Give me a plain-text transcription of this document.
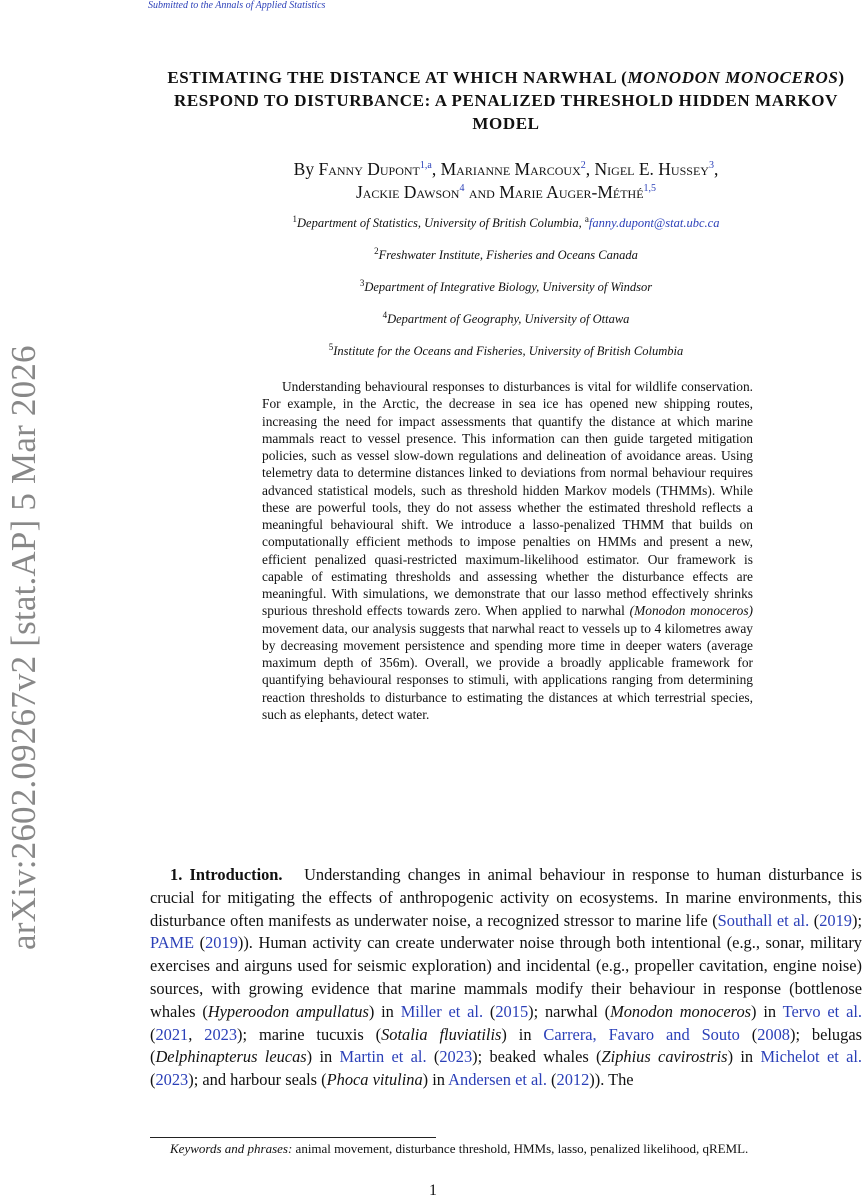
Submitted to the Annals of Applied Statistics
arXiv:2602.09267v2 [stat.AP] 5 Mar 2026
ESTIMATING THE DISTANCE AT WHICH NARWHAL (MONODON MONOCEROS) RESPOND TO DISTURBANCE: A PENALIZED THRESHOLD HIDDEN MARKOV MODEL
By Fanny Dupont$^{1,a}$, Marianne Marcoux$^2$, Nigel E. Hussey$^3$,
Jackie Dawson$^4$ and Marie Auger-Méthé$^{1,5}$
$^1$Department of Statistics, University of British Columbia, $^a$fanny.dupont@stat.ubc.ca
$^2$Freshwater Institute, Fisheries and Oceans Canada
$^3$Department of Integrative Biology, University of Windsor
$^4$Department of Geography, University of Ottawa
$^5$Institute for the Oceans and Fisheries, University of British Columbia

Understanding behavioural responses to disturbances is vital for wildlife conservation. For example, in the Arctic, the decrease in sea ice has opened new shipping routes, increasing the need for impact assessments that quantify the distance at which marine mammals react to vessel presence. This information can then guide targeted mitigation policies, such as vessel slow-down regulations and delineation of avoidance areas. Using telemetry data to determine distances linked to deviations from normal behaviour requires advanced statistical models, such as threshold hidden Markov models (THMMs). While these are powerful tools, they do not assess whether the estimated threshold reflects a meaningful behavioural shift. We introduce a lasso-penalized THMM that builds on computationally efficient methods to impose penalties on HMMs and present a new, efficient penalized quasi-restricted maximum-likelihood estimator. Our framework is capable of estimating thresholds and assessing whether the disturbance effects are meaningful. With simulations, we demonstrate that our lasso method effectively shrinks spurious threshold effects towards zero. When applied to narwhal (Monodon monoceros) movement data, our analysis suggests that narwhal react to vessels up to 4 kilometres away by decreasing movement persistence and spending more time in deeper waters (average maximum depth of 356m). Overall, we provide a broadly applicable framework for quantifying behavioural responses to stimuli, with applications ranging from determining reaction thresholds to disturbance to estimating the distances at which terrestrial species, such as elephants, detect water.

1. Introduction. Understanding changes in animal behaviour in response to human disturbance is crucial for mitigating the effects of anthropogenic activity on ecosystems. In marine environments, this disturbance often manifests as underwater noise, a recognized stressor to marine life (Southall et al. (2019); PAME (2019)). Human activity can create underwater noise through both intentional (e.g., sonar, military exercises and airguns used for seismic exploration) and incidental (e.g., propeller cavitation, engine noise) sources, with growing evidence that marine mammals modify their behaviour in response (bottlenose whales (Hyperoodon ampullatus) in Miller et al. (2015); narwhal (Monodon monoceros) in Tervo et al. (2021, 2023); marine tucuxis (Sotalia fluviatilis) in Carrera, Favaro and Souto (2008); belugas (Delphinapterus leucas) in Martin et al. (2023); beaked whales (Ziphius cavirostris) in Michelot et al. (2023); and harbour seals (Phoca vitulina) in Andersen et al. (2012)). The

Keywords and phrases: animal movement, disturbance threshold, HMMs, lasso, penalized likelihood, qREML.
1
